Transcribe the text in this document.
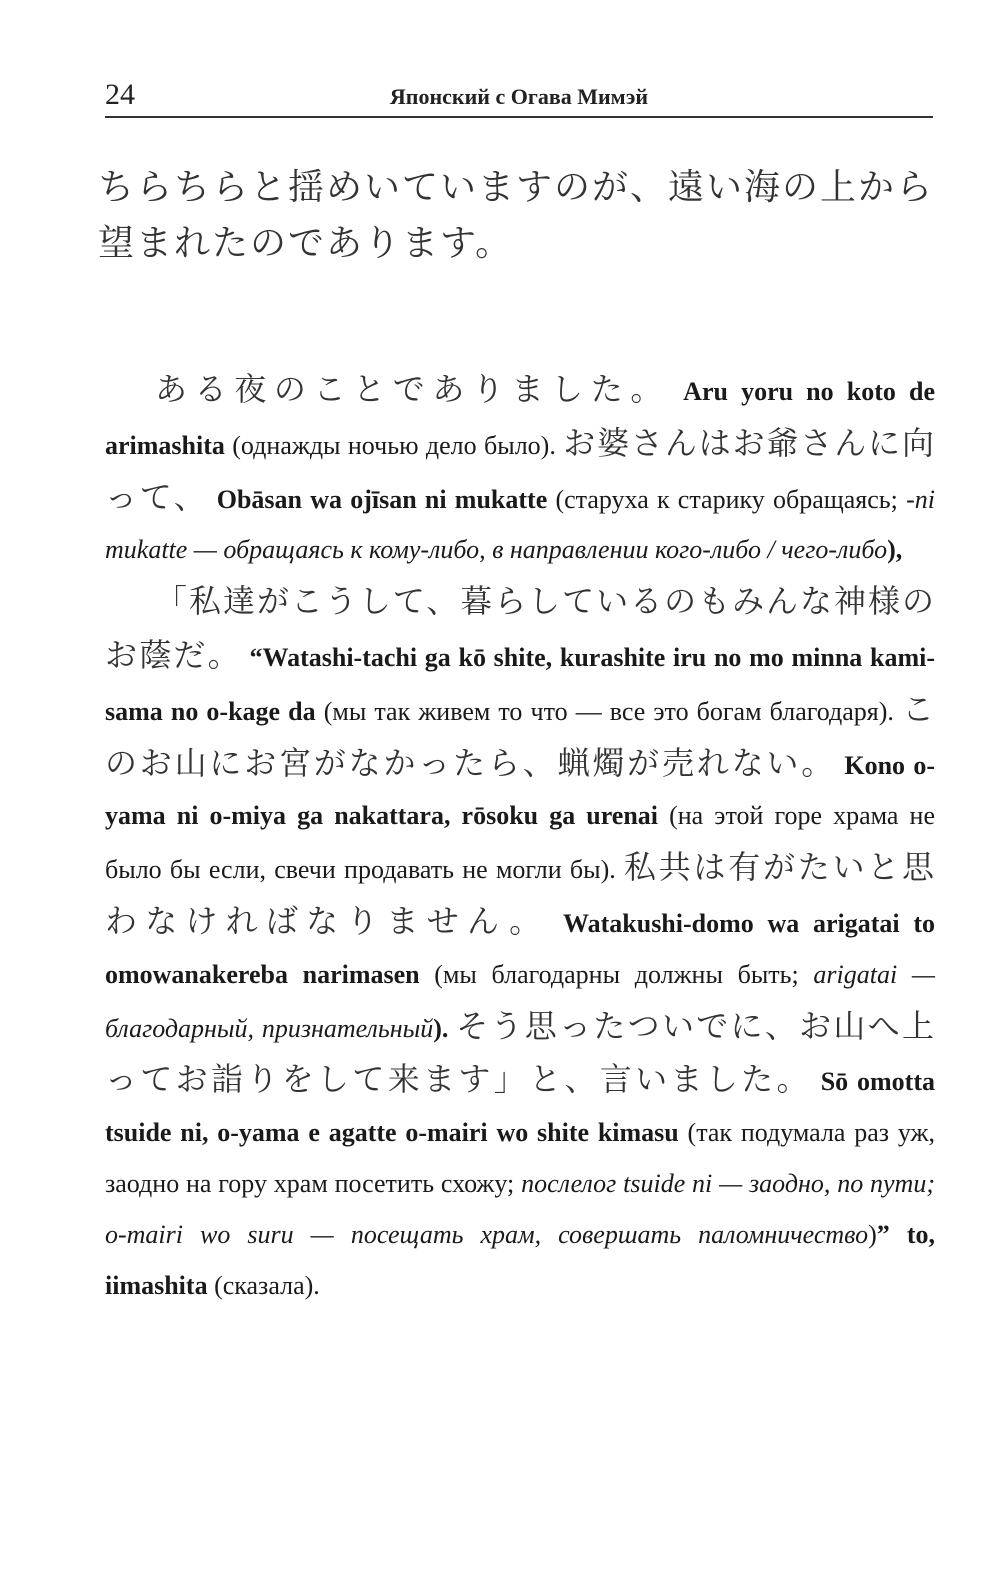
24	Японский с Огава Мимэй
ちらちらと揺めいていますのが、遠い海の上から望まれたのであります。

ある夜のことでありました。 Aru yoru no koto de arimashita (однажды ночью дело было). お婆さんはお爺さんに向って、 Obāsan wa ojīsan ni mukatte (старуха к старику обращаясь; -ni mukatte — обращаясь к кому-либо, в направлении кого-либо / чего-либо),

「私達がこうして、暮らしているのもみんな神様のお蔭だ。 “Watashi-tachi ga kō shite, kurashite iru no mo minna kami-sama no o-kage da (мы так живем то что — все это богам благодаря). このお山にお宮がなかったら、蝋燭が売れない。 Kono o-yama ni o-miya ga nakattara, rōsoku ga urenai (на этой горе храма не было бы если, свечи продавать не могли бы). 私共は有がたいと思わなければなりません。 Watakushi-domo wa arigatai to omowanakereba narimasen (мы благодарны должны быть; arigatai — благодарный, признательный). そう思ったついでに、お山へ上ってお詣りをして来ます」と、言いました。 Sō omotta tsuide ni, o-yama e agatte o-mairi wo shite kimasu (так подумала раз уж, заодно на гору храм посетить схожу; послелог tsuide ni — заодно, по пути; o-mairi wo suru — посещать храм, совершать паломничество)” to, iimashita (сказала).
